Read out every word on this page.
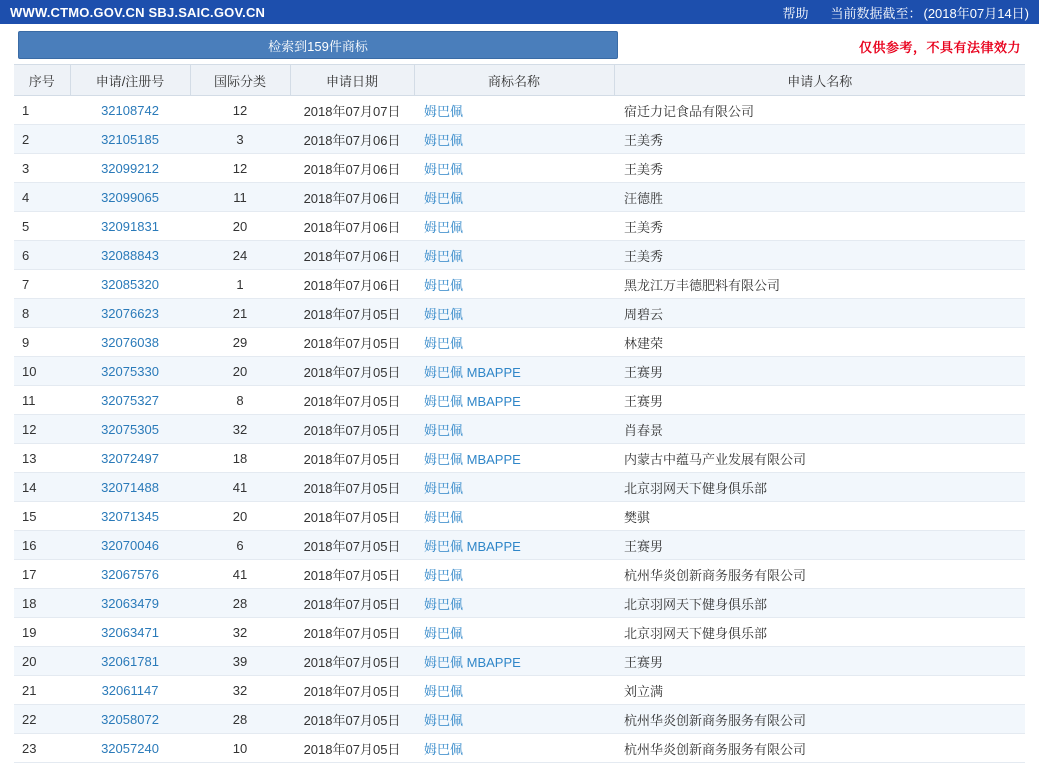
WWW.CTMO.GOV.CN SBJ.SAIC.GOV.CN	帮助 当前数据截至： (2018年07月14日)
检索到159件商标	仅供参考，不具有法律效力
序号	申请/注册号	国际分类	申请日期	商标名称	申请人名称
1	32108742	12	2018年07月07日	姆巴佩	宿迁力记食品有限公司
2	32105185	3	2018年07月06日	姆巴佩	王美秀
3	32099212	12	2018年07月06日	姆巴佩	王美秀
4	32099065	11	2018年07月06日	姆巴佩	汪德胜
5	32091831	20	2018年07月06日	姆巴佩	王美秀
6	32088843	24	2018年07月06日	姆巴佩	王美秀
7	32085320	1	2018年07月06日	姆巴佩	黑龙江万丰德肥料有限公司
8	32076623	21	2018年07月05日	姆巴佩	周碧云
9	32076038	29	2018年07月05日	姆巴佩	林建荣
10	32075330	20	2018年07月05日	姆巴佩 MBAPPE	王赛男
11	32075327	8	2018年07月05日	姆巴佩 MBAPPE	王赛男
12	32075305	32	2018年07月05日	姆巴佩	肖春景
13	32072497	18	2018年07月05日	姆巴佩 MBAPPE	内蒙古中蕴马产业发展有限公司
14	32071488	41	2018年07月05日	姆巴佩	北京羽网天下健身俱乐部
15	32071345	20	2018年07月05日	姆巴佩	樊骐
16	32070046	6	2018年07月05日	姆巴佩 MBAPPE	王赛男
17	32067576	41	2018年07月05日	姆巴佩	杭州华炎创新商务服务有限公司
18	32063479	28	2018年07月05日	姆巴佩	北京羽网天下健身俱乐部
19	32063471	32	2018年07月05日	姆巴佩	北京羽网天下健身俱乐部
20	32061781	39	2018年07月05日	姆巴佩 MBAPPE	王赛男
21	32061147	32	2018年07月05日	姆巴佩	刘立满
22	32058072	28	2018年07月05日	姆巴佩	杭州华炎创新商务服务有限公司
23	32057240	10	2018年07月05日	姆巴佩	杭州华炎创新商务服务有限公司
